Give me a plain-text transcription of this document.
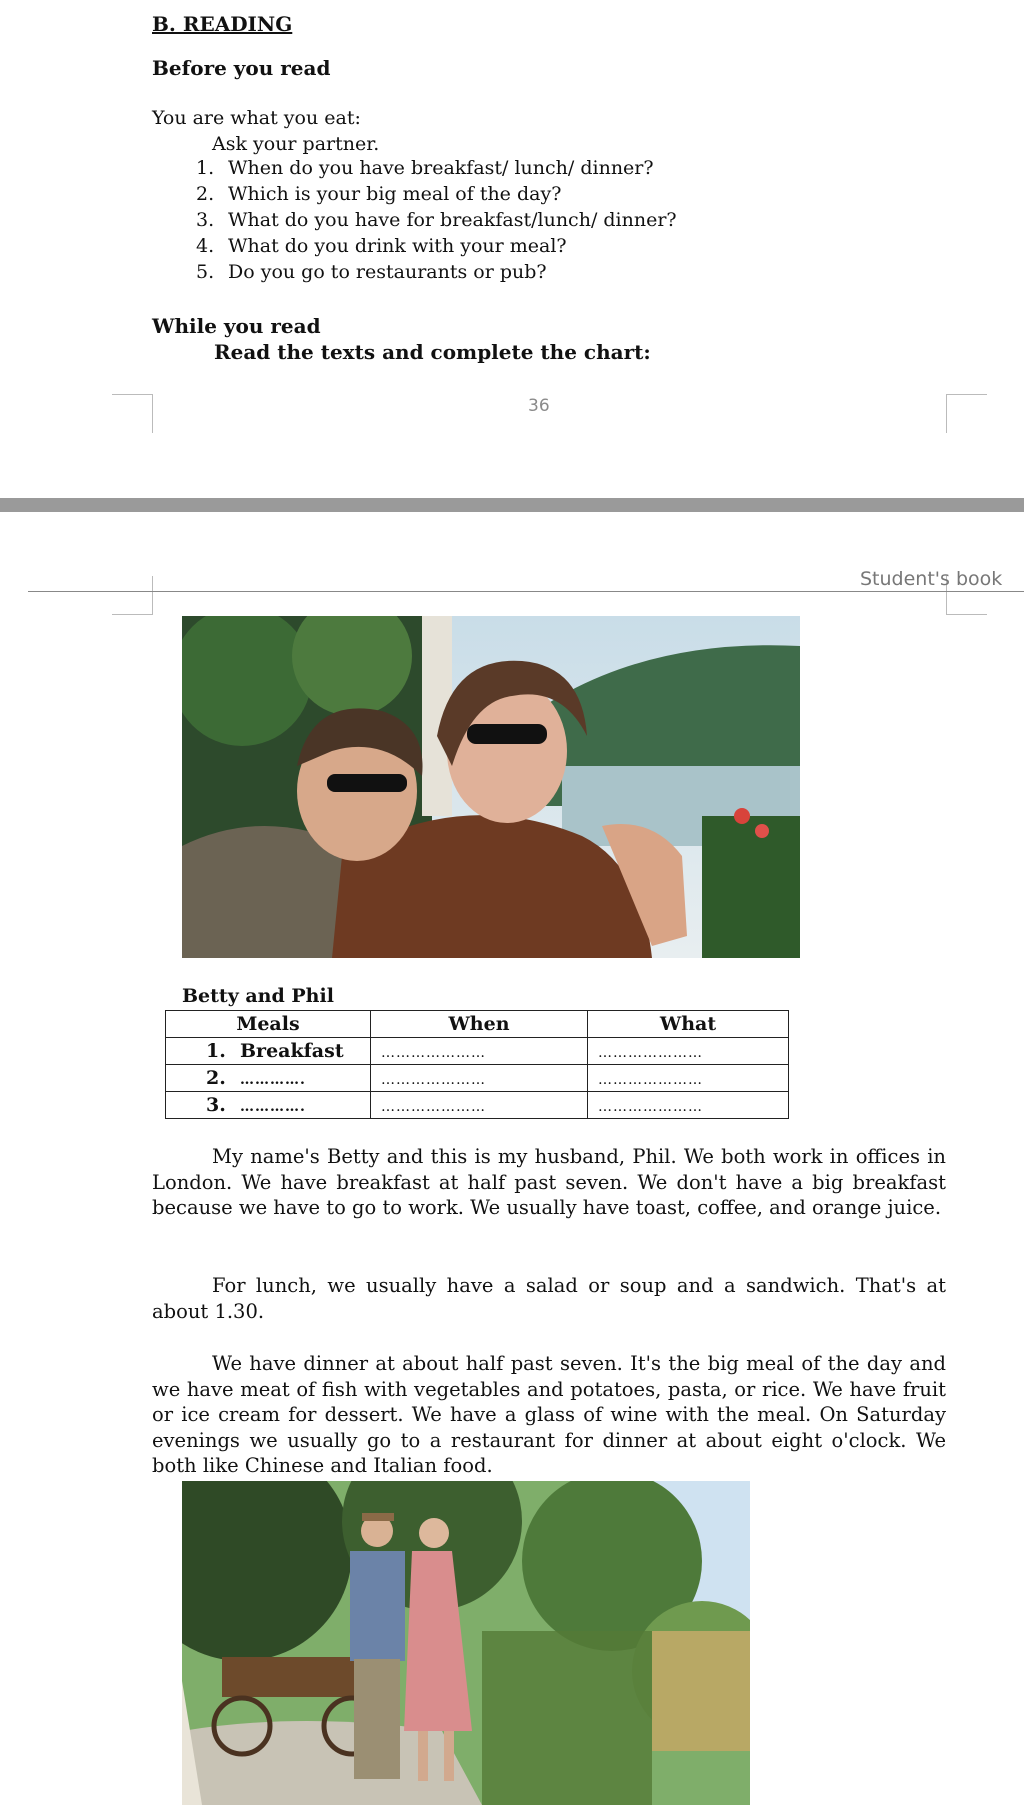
B. READING
Before you read
You are what you eat:
Ask your partner.
1. When do you have breakfast/ lunch/ dinner?
2. Which is your big meal of the day?
3. What do you have for breakfast/lunch/ dinner?
4. What do you drink with your meal?
5. Do you go to restaurants or pub?
While you read
Read the texts and complete the chart:
36
Student's book
Betty and Phil
Meals	When	What
1. Breakfast	…………………	…………………
2. ………….	…………………	…………………
3. ………….	…………………	…………………
My name's Betty and this is my husband, Phil. We both work in offices in London. We have breakfast at half past seven. We don't have a big breakfast because we have to go to work. We usually have toast, coffee, and orange juice.
For lunch, we usually have a salad or soup and a sandwich. That's at about 1.30.
We have dinner at about half past seven. It's the big meal of the day and we have meat of fish with vegetables and potatoes, pasta, or rice. We have fruit or ice cream for dessert. We have a glass of wine with the meal. On Saturday evenings we usually go to a restaurant for dinner at about eight o'clock. We both like Chinese and Italian food.
